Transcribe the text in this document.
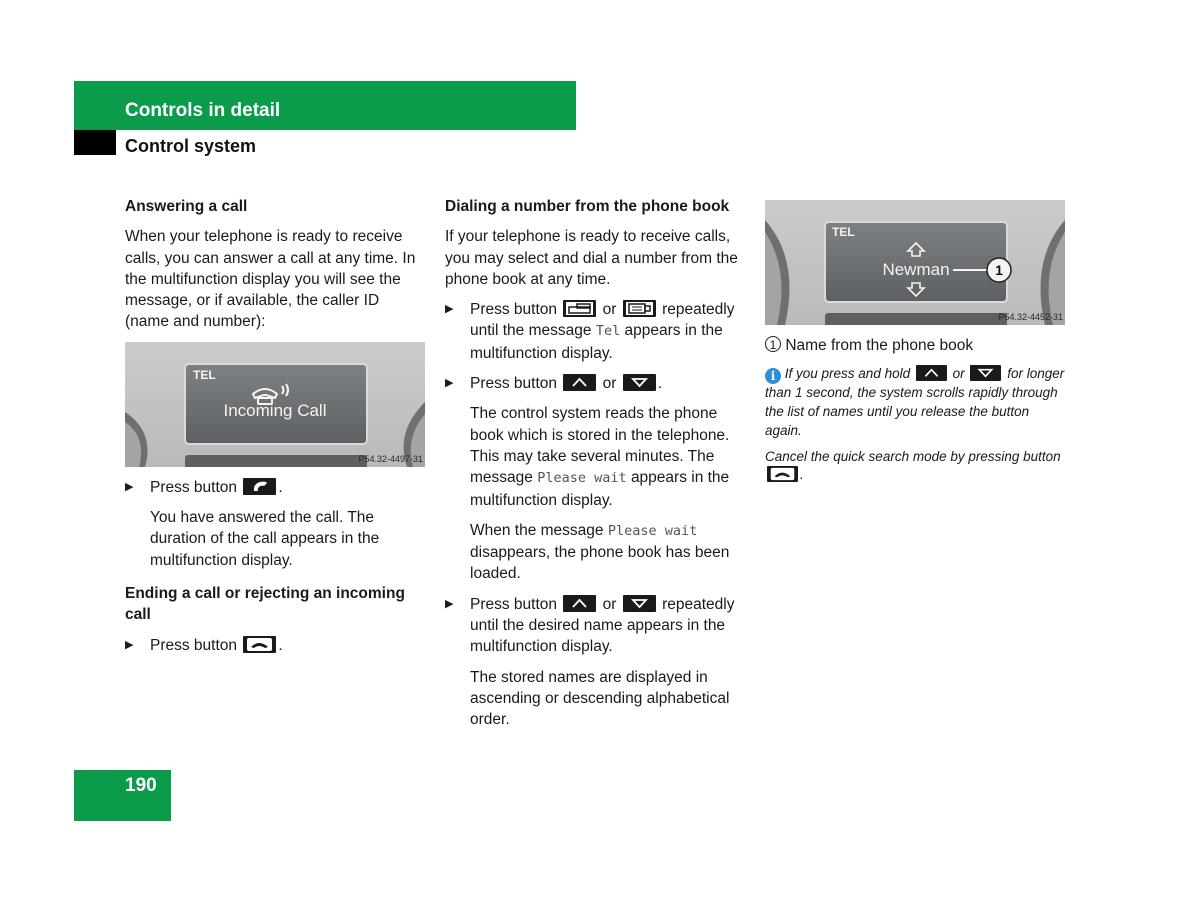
Controls in detail
Control system
Answering a call

When your telephone is ready to receive calls, you can answer a call at any time. In the multifunction display you will see the message, or if available, the caller ID (name and number):

TEL
Incoming Call
P54.32-4497-31
▶ Press button	.

You have answered the call. The duration of the call appears in the multifunction display.

Ending a call or rejecting an incoming call
▶ Press button	.
Dialing a number from the phone book

If your telephone is ready to receive calls, you may select and dial a number from the phone book at any time.

▶ Press button	or	repeatedly until the message Tel appears in the multifunction display.
▶ Press button	or	.

The control system reads the phone book which is stored in the telephone. This may take several minutes. The message Please wait appears in the multifunction display.

When the message Please wait disappears, the phone book has been loaded.

▶ Press button	or	repeatedly until the desired name appears in the multifunction display.

The stored names are displayed in ascending or descending alphabetical order.

TEL
Newman	1
P54.32-4452-31

1 Name from the phone book

i If you press and hold	or	for longer than 1 second, the system scrolls rapidly through the list of names until you release the button again.

Cancel the quick search mode by pressing button
.

190
